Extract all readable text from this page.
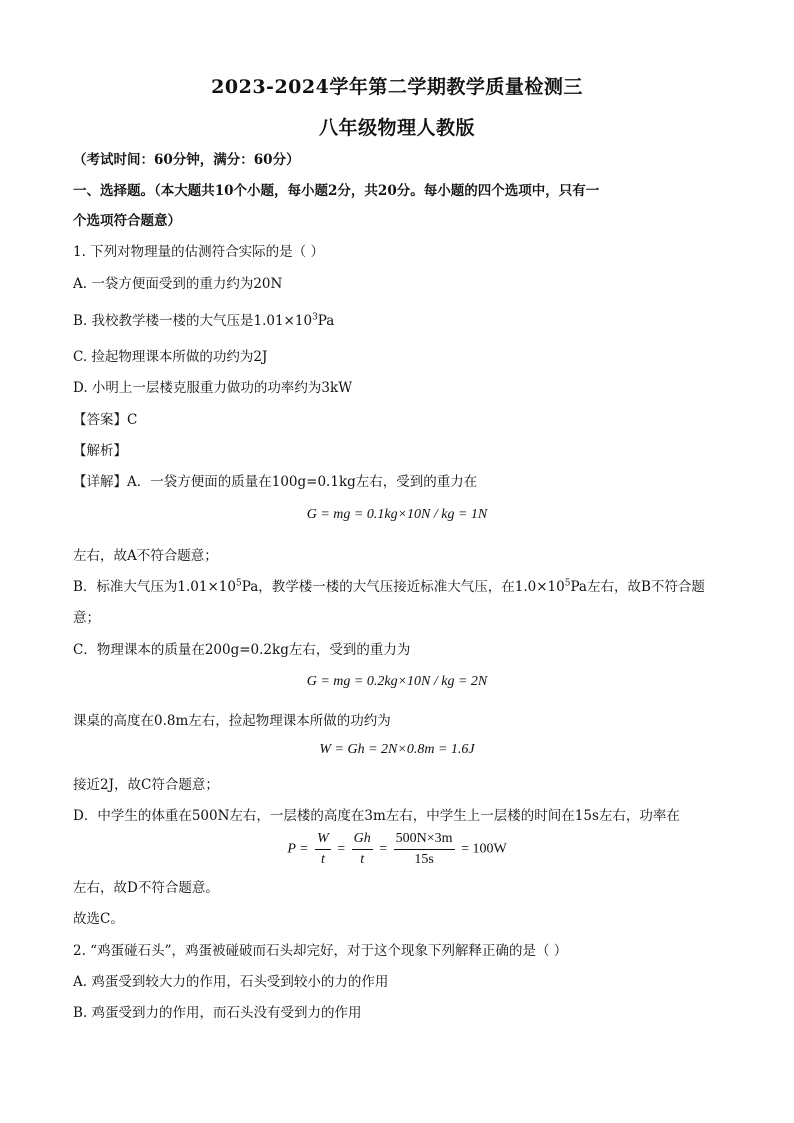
2023-2024学年第二学期教学质量检测三
八年级物理人教版
（考试时间：60分钟，满分：60分）
一、选择题。（本大题共10个小题，每小题2分，共20分。每小题的四个选项中，只有一
个选项符合题意）
1. 下列对物理量的估测符合实际的是（ ）
A. 一袋方便面受到的重力约为20N
B. 我校教学楼一楼的大气压是$1.01\times 10^3Pa$
C. 捡起物理课本所做的功约为2J
D. 小明上一层楼克服重力做功的功率约为3kW
【答案】C
【解析】
【详解】A．一袋方便面的质量在100g=0.1kg左右，受到的重力在
G = mg = 0.1kg×10N / kg = 1N
左右，故A不符合题意；
B．标准大气压为$1.01\times 10^5Pa$，教学楼一楼的大气压接近标准大气压，在$1.0\times 10^5Pa$左右，故B不符合题
意；
C．物理课本的质量在200g=0.2kg左右，受到的重力为
G = mg = 0.2kg×10N / kg = 2N
课桌的高度在0.8m左右，捡起物理课本所做的功约为
W = Gh = 2N×0.8m = 1.6J
接近2J，故C符合题意；
D．中学生的体重在500N左右，一层楼的高度在3m左右，中学生上一层楼的时间在15s左右，功率在
$P = \frac{W}{t} = \frac{Gh}{t} = \frac{500N\times 3m}{15s} = 100W$
左右，故D不符合题意。
故选C。
2. “鸡蛋碰石头”，鸡蛋被碰破而石头却完好，对于这个现象下列解释正确的是（ ）
A. 鸡蛋受到较大力的作用，石头受到较小的力的作用
B. 鸡蛋受到力的作用，而石头没有受到力的作用
